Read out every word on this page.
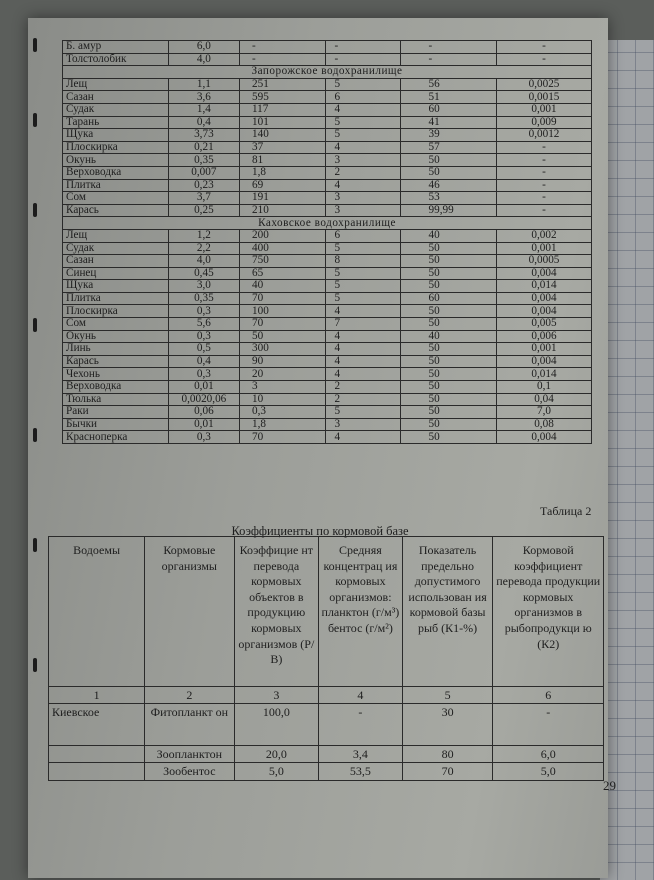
Б. амур	6,0	-	-	-	-
Толстолобик	4,0	-	-	-	-
Запорожское водохранилище					
Лещ	1,1	251	5	56	0,0025
Сазан	3,6	595	6	51	0,0015
Судак	1,4	117	4	60	0,001
Тарань	0,4	101	5	41	0,009
Щука	3,73	140	5	39	0,0012
Плоскирка	0,21	37	4	57	-
Окунь	0,35	81	3	50	-
Верховодка	0,007	1,8	2	50	-
Плитка	0,23	69	4	46	-
Сом	3,7	191	3	53	-
Карась	0,25	210	3	99,99	-
Каховское водохранилище					
Лещ	1,2	200	6	40	0,002
Судак	2,2	400	5	50	0,001
Сазан	4,0	750	8	50	0,0005
Синец	0,45	65	5	50	0,004
Щука	3,0	40	5	50	0,014
Плитка	0,35	70	5	60	0,004
Плоскирка	0,3	100	4	50	0,004
Сом	5,6	70	7	50	0,005
Окунь	0,3	50	4	40	0,006
Линь	0,5	300	4	50	0,001
Карась	0,4	90	4	50	0,004
Чехонь	0,3	20	4	50	0,014
Верховодка	0,01	3	2	50	0,1
Тюлька	0,0020,06	10	2	50	0,04
Раки	0,06	0,3	5	50	7,0
Бычки	0,01	1,8	3	50	0,08
Красноперка	0,3	70	4	50	0,004
Таблица 2
Коэффициенты по кормовой базе
Водоемы	Кормовые организмы	Коэффицие нт перевода кормовых объектов в продукцию кормовых организмов (Р/В)	Средняя концентрац ия кормовых организмов: планктон (г/м³) бентос (г/м²)	Показатель предельно допустимого использован ия кормовой базы рыб (К1-%)	Кормовой коэффициент перевода продукции кормовых организмов в рыбопродукци ю (К2)
1	2	3	4	5	6
Киевское	Фитопланкт он	100,0	-	30	-
	Зоопланктон	20,0	3,4	80	6,0
	Зообентос	5,0	53,5	70	5,0
29
